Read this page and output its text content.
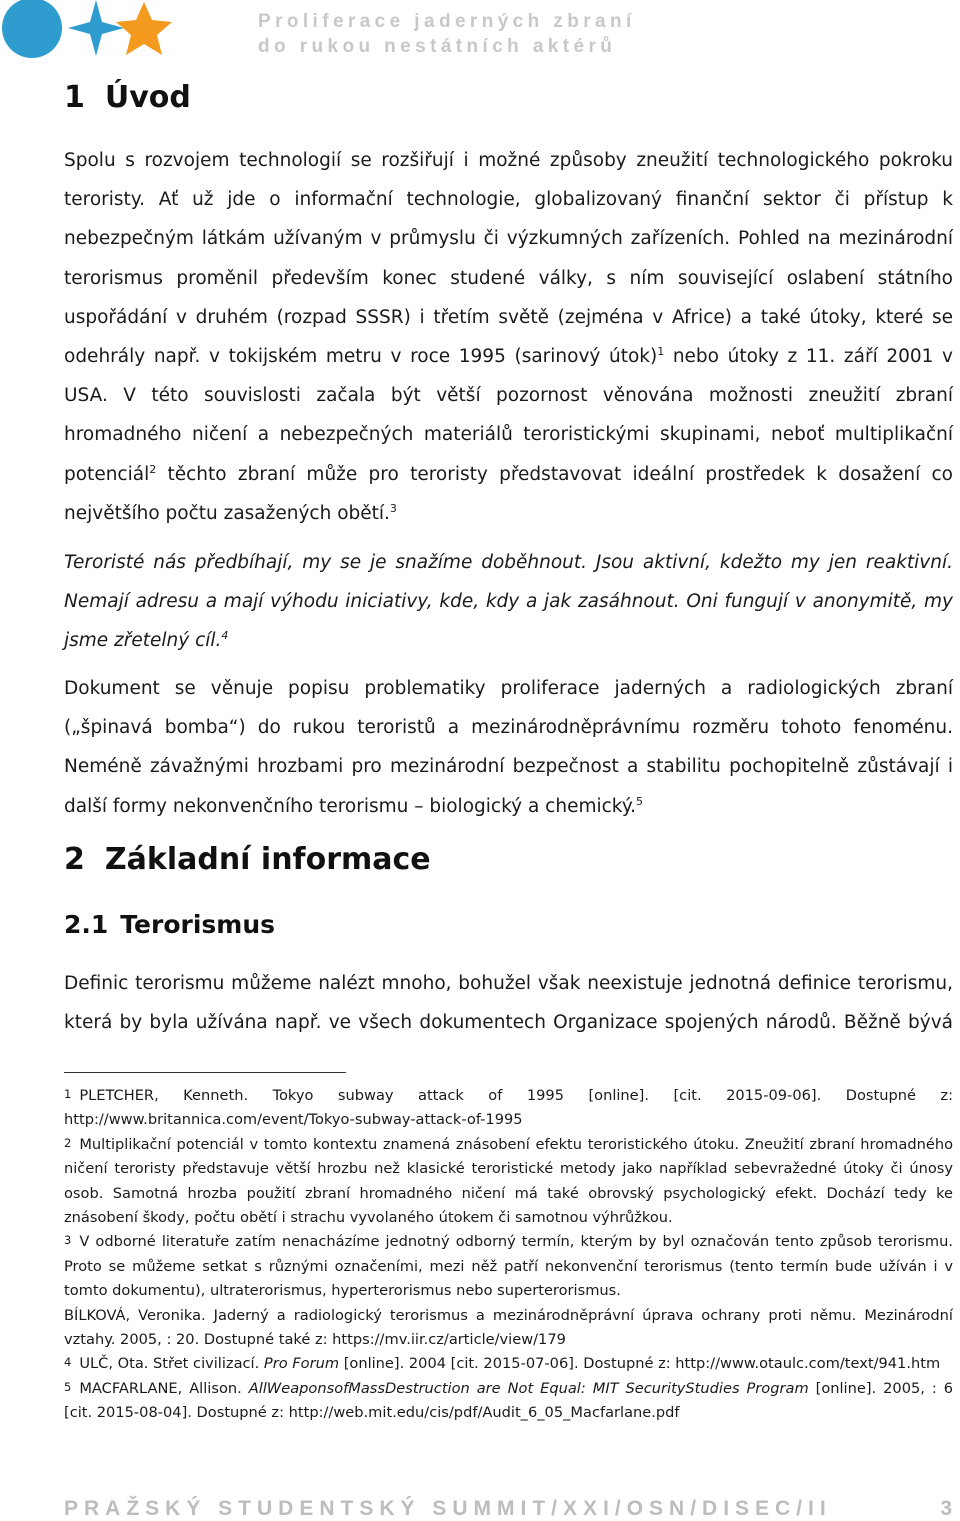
Proliferace jaderných zbraní
do rukou nestátních aktérů
1 Úvod

Spolu s rozvojem technologií se rozšiřují i možné způsoby zneužití technologického pokroku teroristy. Ať už jde o informační technologie, globalizovaný finanční sektor či přístup k nebezpečným látkám užívaným v průmyslu či výzkumných zařízeních. Pohled na mezinárodní terorismus proměnil především konec studené války, s ním související oslabení státního uspořádání v druhém (rozpad SSSR) i třetím světě (zejména v Africe) a také útoky, které se odehrály např. v tokijském metru v roce 1995 (sarinový útok)$^1$ nebo útoky z 11. září 2001 v USA. V této souvislosti začala být větší pozornost věnována možnosti zneužití zbraní hromadného ničení a nebezpečných materiálů teroristickými skupinami, neboť multiplikační potenciál$^2$ těchto zbraní může pro teroristy představovat ideální prostředek k dosažení co největšího počtu zasažených obětí.$^3$

Teroristé nás předbíhají, my se je snažíme doběhnout. Jsou aktivní, kdežto my jen reaktivní. Nemají adresu a mají výhodu iniciativy, kde, kdy a jak zasáhnout. Oni fungují v anonymitě, my jsme zřetelný cíl.$^4$

Dokument se věnuje popisu problematiky proliferace jaderných a radiologických zbraní („špinavá bomba“) do rukou teroristů a mezinárodněprávnímu rozměru tohoto fenoménu. Neméně závažnými hrozbami pro mezinárodní bezpečnost a stabilitu pochopitelně zůstávají i další formy nekonvenčního terorismu – biologický a chemický.$^5$

2 Základní informace
2.1 Terorismus

Definic terorismu můžeme nalézt mnoho, bohužel však neexistuje jednotná definice terorismu, která by byla užívána např. ve všech dokumentech Organizace spojených národů. Běžně bývá

$^1$ PLETCHER, Kenneth. Tokyo subway attack of 1995 [online]. [cit. 2015-09-06]. Dostupné z: http://www.britannica.com/event/Tokyo-subway-attack-of-1995

$^2$ Multiplikační potenciál v tomto kontextu znamená znásobení efektu teroristického útoku. Zneužití zbraní hromadného ničení teroristy představuje větší hrozbu než klasické teroristické metody jako například sebevražedné útoky či únosy osob. Samotná hrozba použití zbraní hromadného ničení má také obrovský psychologický efekt. Dochází tedy ke znásobení škody, počtu obětí i strachu vyvolaného útokem či samotnou výhrůžkou.

$^3$ V odborné literatuře zatím nenacházíme jednotný odborný termín, kterým by byl označován tento způsob terorismu. Proto se můžeme setkat s různými označeními, mezi něž patří nekonvenční terorismus (tento termín bude užíván i v tomto dokumentu), ultraterorismus, hyperterorismus nebo superterorismus.

BÍLKOVÁ, Veronika. Jaderný a radiologický terorismus a mezinárodněprávní úprava ochrany proti němu. Mezinárodní vztahy. 2005, : 20. Dostupné také z: https://mv.iir.cz/article/view/179

$^4$ ULČ, Ota. Střet civilizací. Pro Forum [online]. 2004 [cit. 2015-07-06]. Dostupné z: http://www.otaulc.com/text/941.htm

$^5$ MACFARLANE, Allison. AllWeaponsofMassDestruction are Not Equal: MIT SecurityStudies Program [online]. 2005, : 6 [cit. 2015-08-04]. Dostupné z: http://web.mit.edu/cis/pdf/Audit_6_05_Macfarlane.pdf

PRAŽSKÝ STUDENTSKÝ SUMMIT/XXI/OSN/DISEC/II	3
